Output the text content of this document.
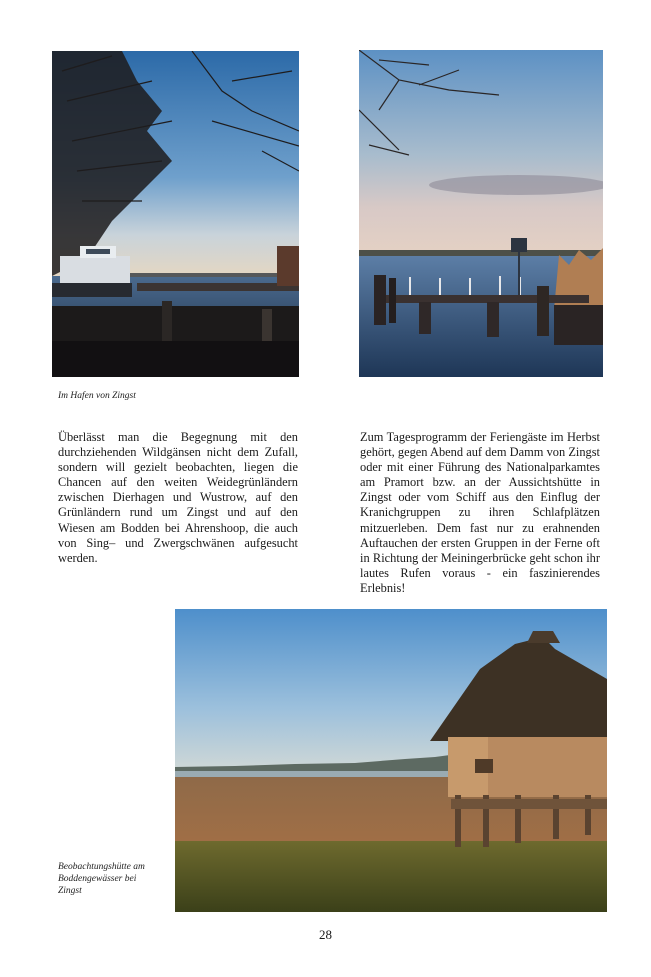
Im Hafen von Zingst

Überlässt man die Begegnung mit den durchziehenden Wildgänsen nicht dem Zufall, sondern will gezielt beobachten, liegen die Chancen auf den weiten Weidegrünländern zwischen Dierhagen und Wustrow, auf den Grünländern rund um Zingst und auf den Wiesen am Bodden bei Ahrenshoop, die auch von Sing– und Zwergschwänen aufgesucht werden.

Zum Tagesprogramm der Feriengäste im Herbst gehört, gegen Abend auf dem Damm von Zingst oder mit einer Führung des Nationalparkamtes am Pramort bzw. an der Aussichtshütte in Zingst oder vom Schiff aus den Einflug der Kranichgruppen zu ihren Schlafplätzen mitzuerleben. Dem fast nur zu erahnenden Auftauchen der ersten Gruppen in der Ferne oft in Richtung der Meiningerbrücke geht schon ihr lautes Rufen voraus - ein faszinierendes Erlebnis!

Beobachtungshütte am
Boddengewässer bei
Zingst
28
